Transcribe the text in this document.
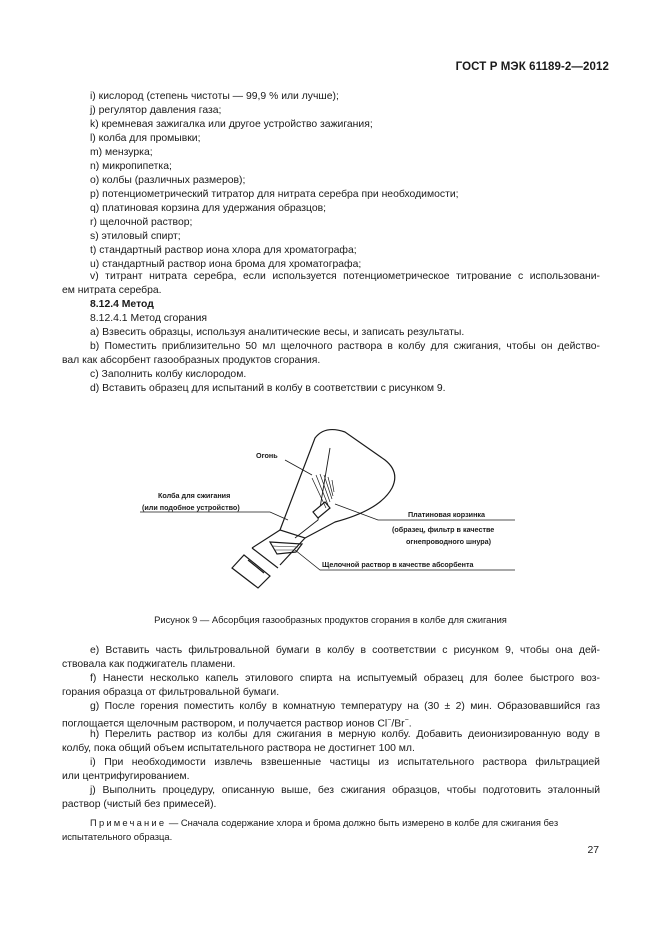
ГОСТ Р МЭК 61189-2—2012
i) кислород (степень чистоты — 99,9 % или лучше);
j) регулятор давления газа;
k) кремневая зажигалка или другое устройство зажигания;
l) колба для промывки;
m) мензурка;
n) микропипетка;
o) колбы (различных размеров);
p) потенциометрический титратор для нитрата серебра при необходимости;
q) платиновая корзина для удержания образцов;
r) щелочной раствор;
s) этиловый спирт;
t) стандартный раствор иона хлора для хроматографа;
u) стандартный раствор иона брома для хроматографа;
v) титрант нитрата серебра, если используется потенциометрическое титрование с использовани-
ем нитрата серебра.
8.12.4 Метод
8.12.4.1 Метод сгорания
a) Взвесить образцы, используя аналитические весы, и записать результаты.
b) Поместить приблизительно 50 мл щелочного раствора в колбу для сжигания, чтобы он действо-
вал как абсорбент газообразных продуктов сгорания.
c) Заполнить колбу кислородом.
d) Вставить образец для испытаний в колбу в соответствии с рисунком 9.
Огонь
Колба для сжигания
(или подобное устройство)
Платиновая корзинка
(образец, фильтр в качестве
огнепроводного шнура)
Щелочной раствор в качестве абсорбента
Рисунок 9 — Абсорбция газообразных продуктов сгорания в колбе для сжигания
e) Вставить часть фильтровальной бумаги в колбу в соответствии с рисунком 9, чтобы она дей-
ствовала как поджигатель пламени.
f) Нанести несколько капель этилового спирта на испытуемый образец для более быстрого воз-
горания образца от фильтровальной бумаги.
g) После горения поместить колбу в комнатную температуру на (30 ± 2) мин. Образовавшийся газ
поглощается щелочным раствором, и получается раствор ионов Cl−/Br−.
h) Перелить раствор из колбы для сжигания в мерную колбу. Добавить деионизированную воду в
колбу, пока общий объем испытательного раствора не достигнет 100 мл.
i) При необходимости извлечь взвешенные частицы из испытательного раствора фильтрацией
или центрифугированием.
j) Выполнить процедуру, описанную выше, без сжигания образцов, чтобы подготовить эталонный
раствор (чистый без примесей).
Примечание — Сначала содержание хлора и брома должно быть измерено в колбе для сжигания без
испытательного образца.
27
